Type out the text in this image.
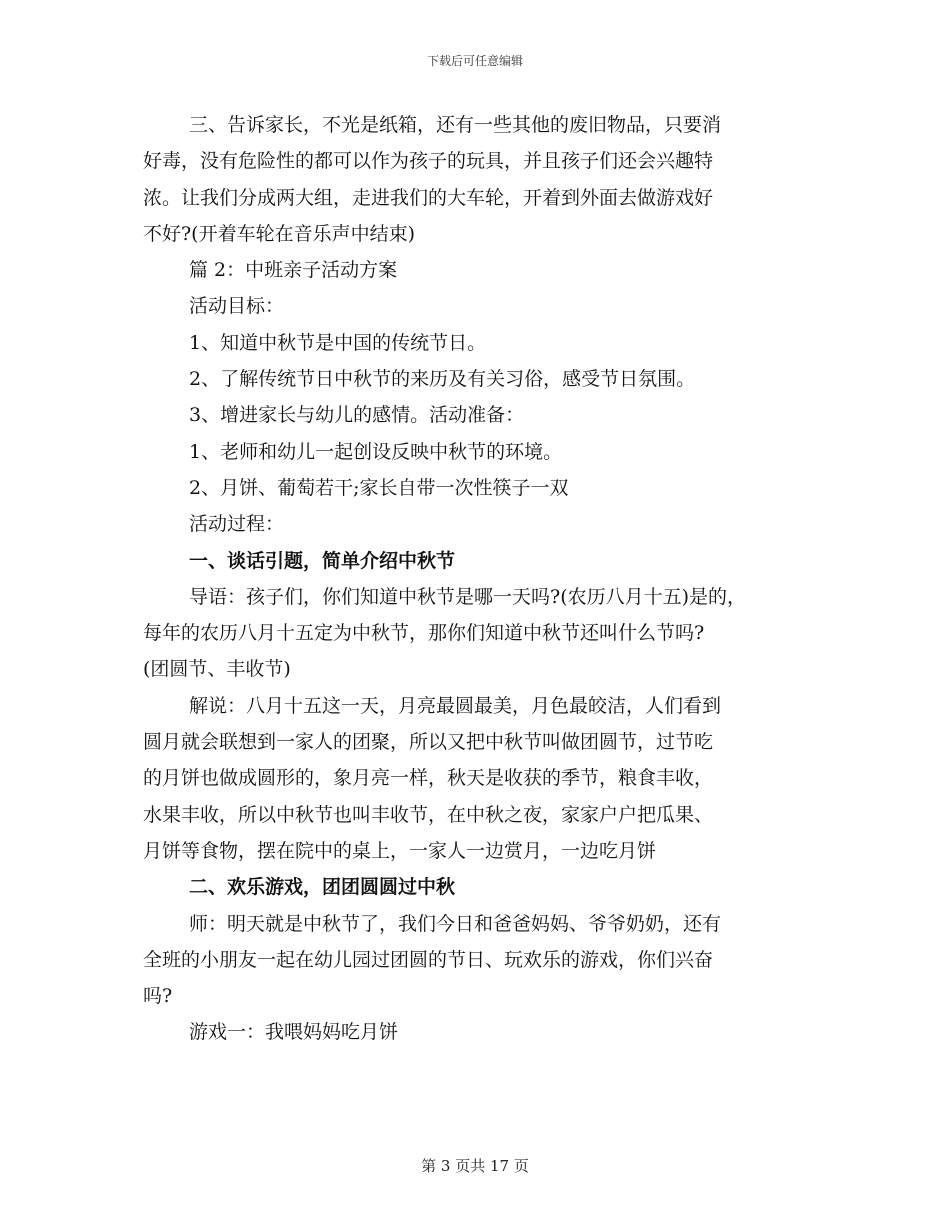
下载后可任意编辑

三、告诉家长，不光是纸箱，还有一些其他的废旧物品，只要消

好毒，没有危险性的都可以作为孩子的玩具，并且孩子们还会兴趣特

浓。让我们分成两大组，走进我们的大车轮，开着到外面去做游戏好

不好?(开着车轮在音乐声中结束)

篇 2：中班亲子活动方案

活动目标：

1、知道中秋节是中国的传统节日。

2、了解传统节日中秋节的来历及有关习俗，感受节日氛围。

3、增进家长与幼儿的感情。活动准备：

1、老师和幼儿一起创设反映中秋节的环境。

2、月饼、葡萄若干;家长自带一次性筷子一双

活动过程：

一、谈话引题，简单介绍中秋节

导语：孩子们，你们知道中秋节是哪一天吗?(农历八月十五)是的，

每年的农历八月十五定为中秋节，那你们知道中秋节还叫什么节吗?

(团圆节、丰收节)

解说：八月十五这一天，月亮最圆最美，月色最皎洁，人们看到

圆月就会联想到一家人的团聚，所以又把中秋节叫做团圆节，过节吃

的月饼也做成圆形的，象月亮一样，秋天是收获的季节，粮食丰收，

水果丰收，所以中秋节也叫丰收节，在中秋之夜，家家户户把瓜果、

月饼等食物，摆在院中的桌上，一家人一边赏月，一边吃月饼

二、欢乐游戏，团团圆圆过中秋

师：明天就是中秋节了，我们今日和爸爸妈妈、爷爷奶奶，还有

全班的小朋友一起在幼儿园过团圆的节日、玩欢乐的游戏，你们兴奋

吗?

游戏一：我喂妈妈吃月饼

第 3 页共 17 页
